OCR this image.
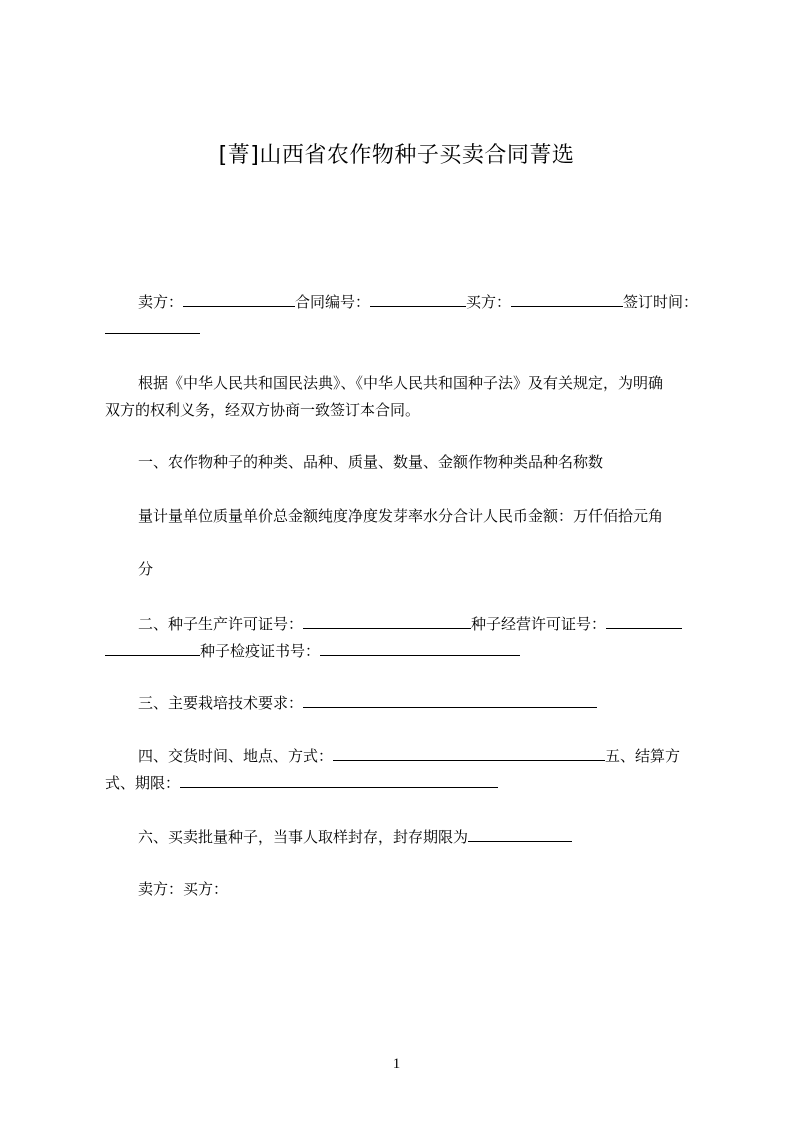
[菁]山西省农作物种子买卖合同菁选
卖方：	合同编号：	买方：	签订时间：
根据《中华人民共和国民法典》、《中华人民共和国种子法》及有关规定，为明确
双方的权利义务，经双方协商一致签订本合同。
一、农作物种子的种类、品种、质量、数量、金额作物种类品种名称数
量计量单位质量单价总金额纯度净度发芽率水分合计人民币金额：万仟佰拾元角
分
二、种子生产许可证号：	种子经营许可证号：
种子检疫证书号：
三、主要栽培技术要求：
四、交货时间、地点、方式：	五、结算方
式、期限：
六、买卖批量种子，当事人取样封存，封存期限为
卖方：买方：
1
